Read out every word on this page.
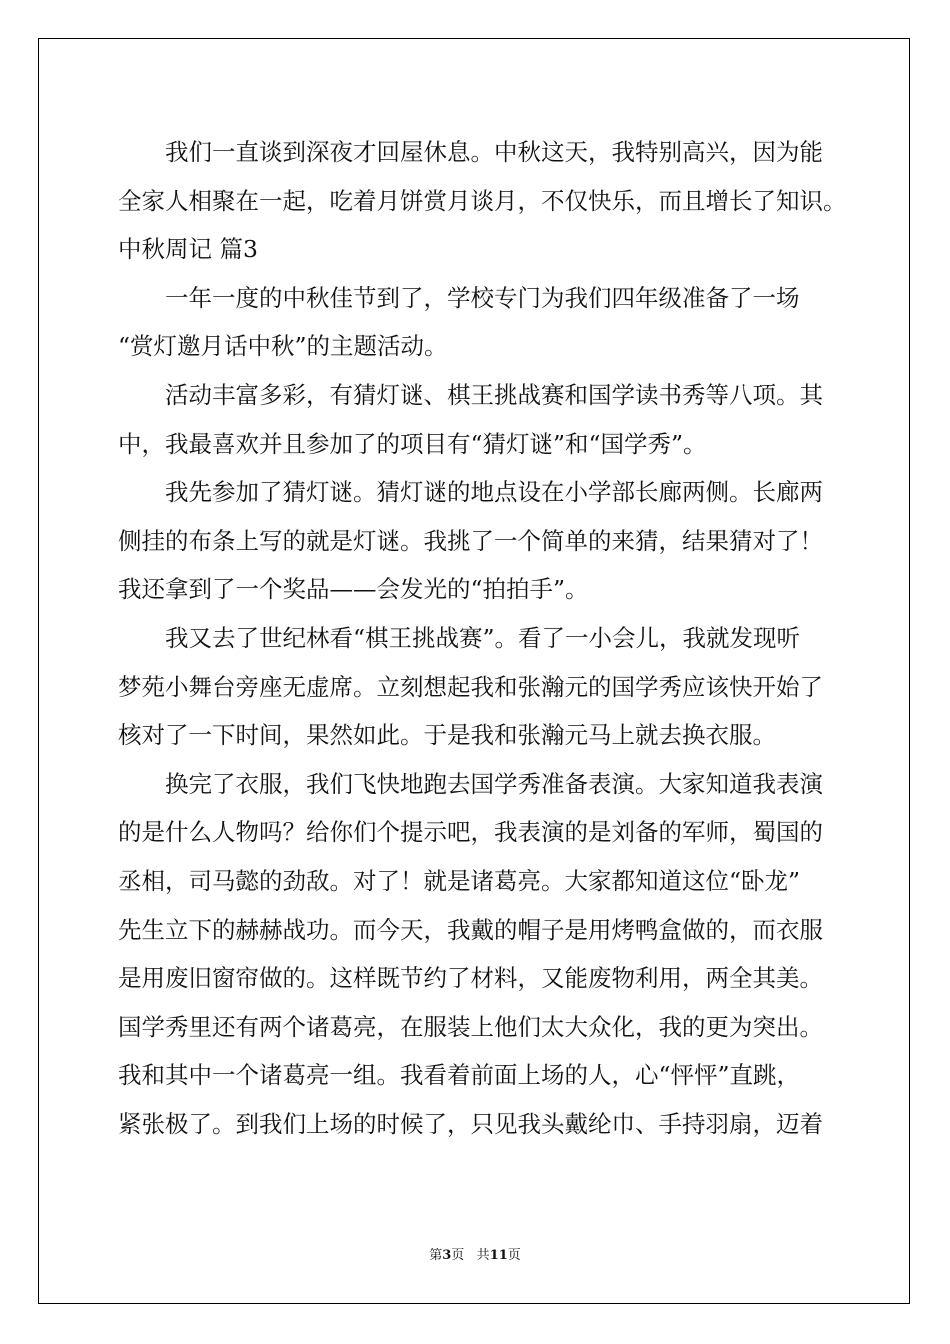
我们一直谈到深夜才回屋休息。中秋这天，我特别高兴，因为能
全家人相聚在一起，吃着月饼赏月谈月，不仅快乐，而且增长了知识。
中秋周记 篇3
一年一度的中秋佳节到了，学校专门为我们四年级准备了一场
“赏灯邀月话中秋”的主题活动。
活动丰富多彩，有猜灯谜、棋王挑战赛和国学读书秀等八项。其
中，我最喜欢并且参加了的项目有“猜灯谜”和“国学秀”。
我先参加了猜灯谜。猜灯谜的地点设在小学部长廊两侧。长廊两
侧挂的布条上写的就是灯谜。我挑了一个简单的来猜，结果猜对了！
我还拿到了一个奖品——会发光的“拍拍手”。
我又去了世纪林看“棋王挑战赛”。看了一小会儿，我就发现听
梦苑小舞台旁座无虚席。立刻想起我和张瀚元的国学秀应该快开始了
核对了一下时间，果然如此。于是我和张瀚元马上就去换衣服。
换完了衣服，我们飞快地跑去国学秀准备表演。大家知道我表演
的是什么人物吗？给你们个提示吧，我表演的是刘备的军师，蜀国的
丞相，司马懿的劲敌。对了！就是诸葛亮。大家都知道这位“卧龙”
先生立下的赫赫战功。而今天，我戴的帽子是用烤鸭盒做的，而衣服
是用废旧窗帘做的。这样既节约了材料，又能废物利用，两全其美。
国学秀里还有两个诸葛亮，在服装上他们太大众化，我的更为突出。
我和其中一个诸葛亮一组。我看着前面上场的人，心“怦怦”直跳，
紧张极了。到我们上场的时候了，只见我头戴纶巾、手持羽扇，迈着
第3页 共11页
